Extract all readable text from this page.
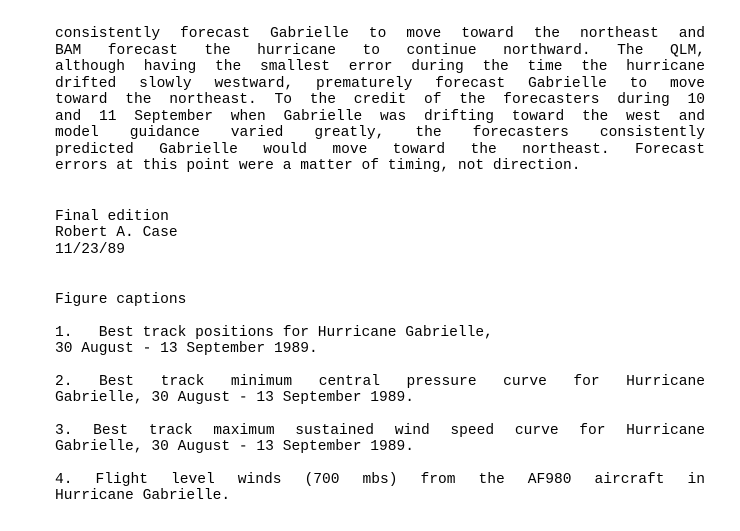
consistently forecast Gabrielle to move toward the northeast and
BAM forecast the hurricane to continue northward. The QLM,
although having the smallest error during the time the hurricane
drifted slowly westward, prematurely forecast Gabrielle to move
toward the northeast. To the credit of the forecasters during 10
and 11 September when Gabrielle was drifting toward the west and
model guidance varied greatly, the forecasters consistently
predicted Gabrielle would move toward the northeast. Forecast
errors at this point were a matter of timing, not direction.
Final edition
Robert A. Case
11/23/89
Figure captions
1.   Best track positions for Hurricane Gabrielle,
30 August - 13 September 1989.
2. Best track minimum central pressure curve for Hurricane
Gabrielle, 30 August - 13 September 1989.
3. Best track maximum sustained wind speed curve for Hurricane
Gabrielle, 30 August - 13 September 1989.
4. Flight level winds (700 mbs) from the AF980 aircraft in
Hurricane Gabrielle.
